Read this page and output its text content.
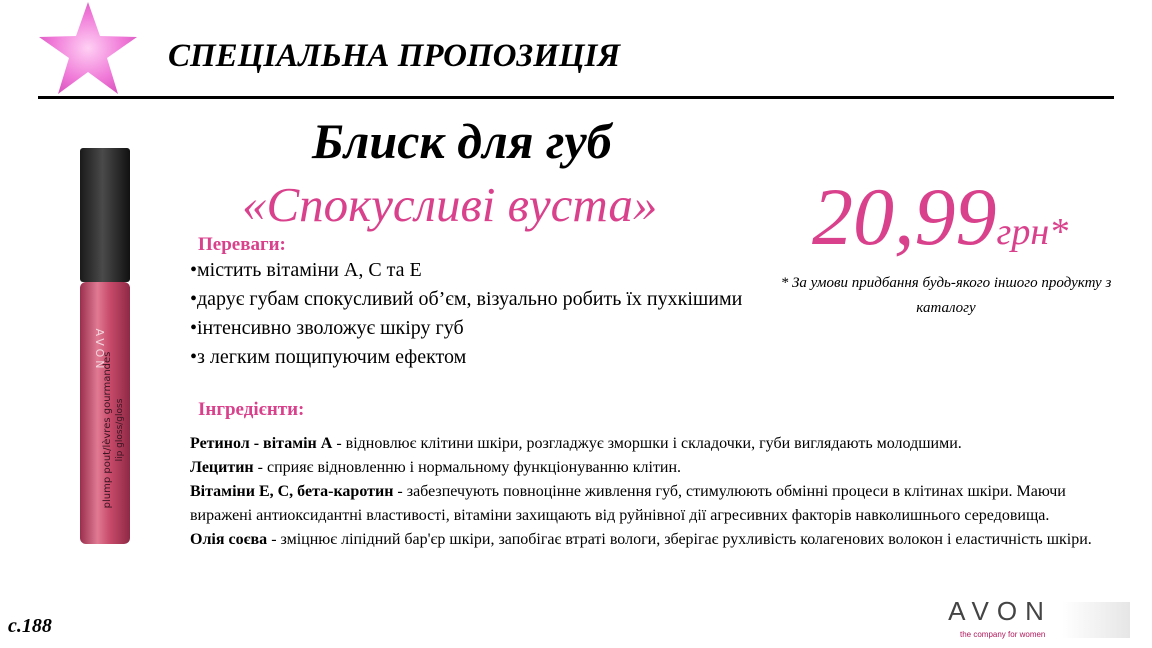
СПЕЦІАЛЬНА ПРОПОЗИЦІЯ
plump pout/lèvres gourmandes lip gloss/gloss
AVON
Блиск для губ
«Спокусливі вуста» 20,99грн*
* За умови придбання будь-якого іншого продукту з каталогу
Переваги:
•містить вітаміни А, С та Е
•дарує губам спокусливий об’єм, візуально робить їх пухкішими
•інтенсивно зволожує шкіру губ
•з легким пощипуючим ефектом
Інгредієнти:

Ретинол - вітамін А - відновлює клітини шкіри, розгладжує зморшки і складочки, губи виглядають молодшими.

Лецитин - сприяє відновленню і нормальному функціонуванню клітин.

Вітаміни Е, С, бета-каротин - забезпечують повноцінне живлення губ, стимулюють обмінні процеси в клітинах шкіри. Маючи виражені антиоксидантні властивості, вітаміни захищають від руйнівної дії агресивних факторів навколишнього середовища.

Олія соєва - зміцнює ліпідний бар'єр шкіри, запобігає втраті вологи, зберігає рухливість колагенових волокон і еластичність шкіри.

с.188	AVON
the company for women
